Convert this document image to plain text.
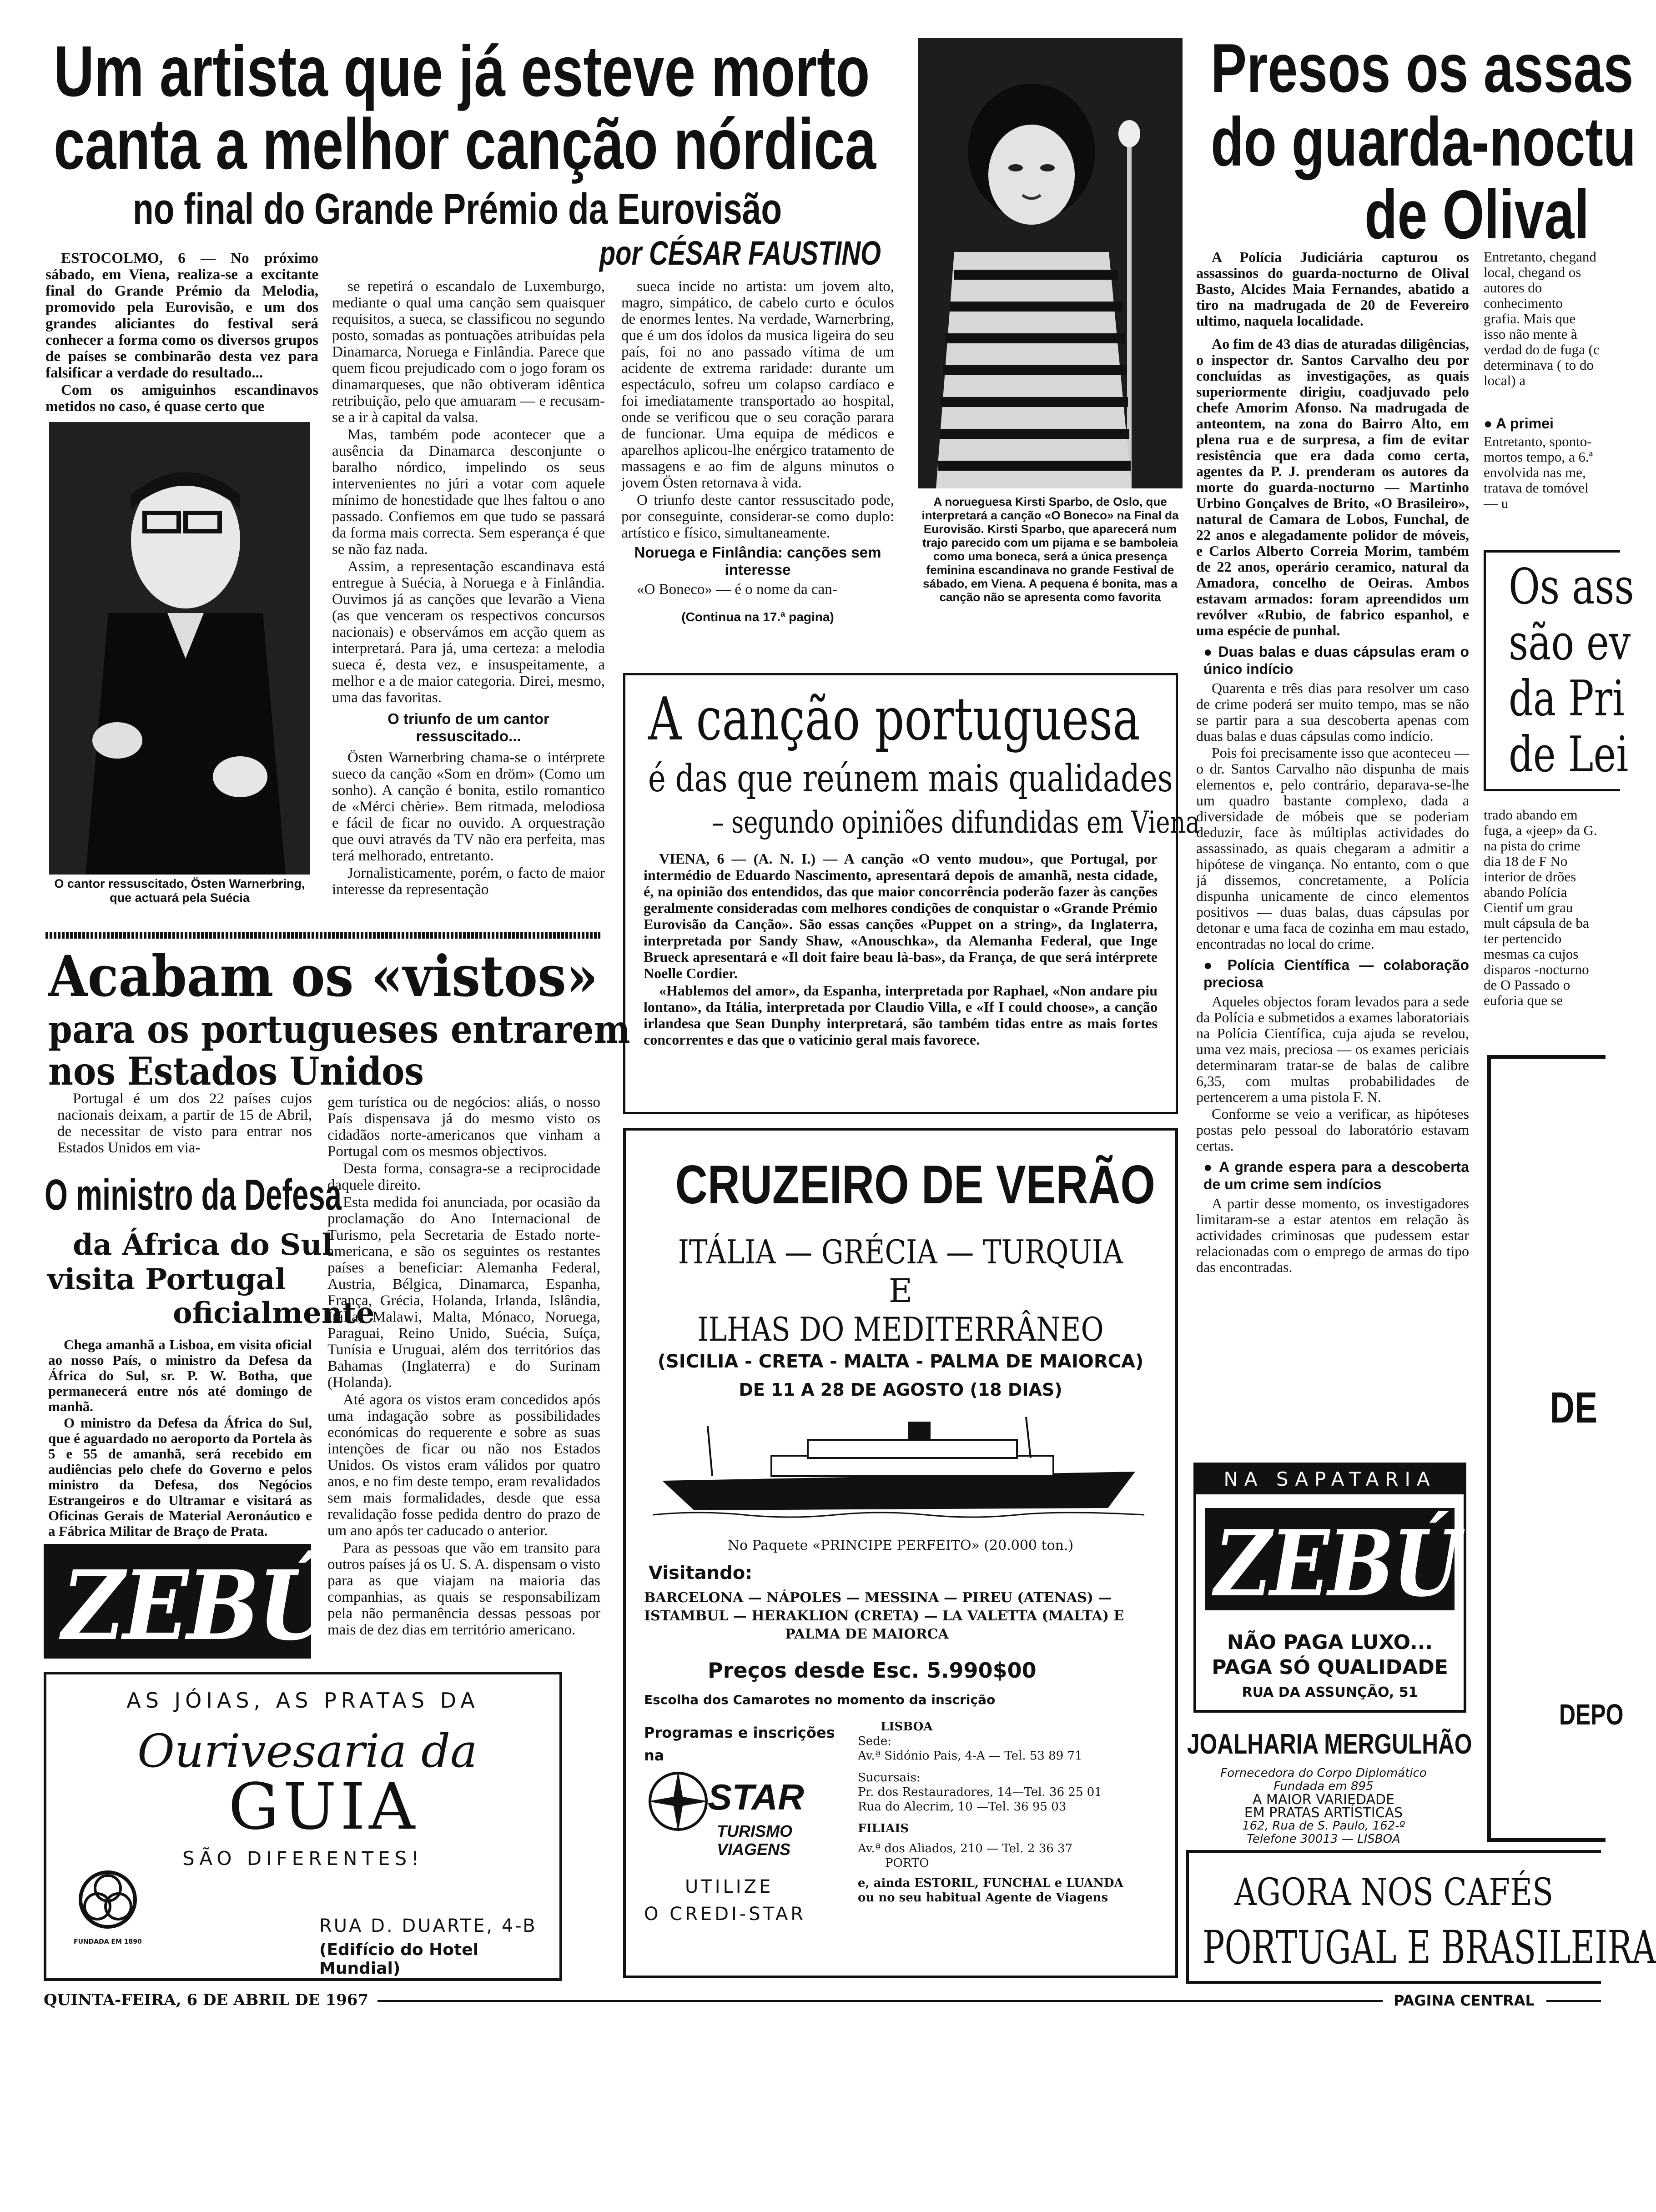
Um artista que já esteve morto
canta a melhor canção nórdica
no final do Grande Prémio da Eurovisão
por CÉSAR FAUSTINO

ESTOCOLMO, 6 — No próximo sábado, em Viena, realiza-se a excitante final do Grande Prémio da Melodia, promovido pela Eurovisão, e um dos grandes aliciantes do festival será conhecer a forma como os diversos grupos de países se combinarão desta vez para falsificar a verdade do resultado...

Com os amiguinhos escandinavos metidos no caso, é quase certo que

O cantor ressuscitado, Östen Warnerbring, que actuará pela Suécia

se repetirá o escandalo de Luxemburgo, mediante o qual uma canção sem quaisquer requisitos, a sueca, se classificou no segundo posto, somadas as pontuações atribuídas pela Dinamarca, Noruega e Finlândia. Parece que quem ficou prejudicado com o jogo foram os dinamarqueses, que não obtiveram idêntica retribuição, pelo que amuaram — e recusam-se a ir à capital da valsa.

Mas, também pode acontecer que a ausência da Dinamarca desconjunte o baralho nórdico, impelindo os seus intervenientes no júri a votar com aquele mínimo de honestidade que lhes faltou o ano passado. Confiemos em que tudo se passará da forma mais correcta. Sem esperança é que se não faz nada.

Assim, a representação escandinava está entregue à Suécia, à Noruega e à Finlândia. Ouvimos já as canções que levarão a Viena (as que venceram os respectivos concursos nacionais) e observámos em acção quem as interpretará. Para já, uma certeza: a melodia sueca é, desta vez, e insuspeitamente, a melhor e a de maior categoria. Direi, mesmo, uma das favoritas.

O triunfo de um cantor ressuscitado...

Östen Warnerbring chama-se o intérprete sueco da canção «Som en dröm» (Como um sonho). A canção é bonita, estilo romantico de «Mérci chèrie». Bem ritmada, melodiosa e fácil de ficar no ouvido. A orquestração que ouvi através da TV não era perfeita, mas terá melhorado, entretanto.

Jornalisticamente, porém, o facto de maior interesse da representação

sueca incide no artista: um jovem alto, magro, simpático, de cabelo curto e óculos de enormes lentes. Na verdade, Warnerbring, que é um dos ídolos da musica ligeira do seu país, foi no ano passado vítima de um acidente de extrema raridade: durante um espectáculo, sofreu um colapso cardíaco e foi imediatamente transportado ao hospital, onde se verificou que o seu coração parara de funcionar. Uma equipa de médicos e aparelhos aplicou-lhe enérgico tratamento de massagens e ao fim de alguns minutos o jovem Östen retornava à vida.

O triunfo deste cantor ressuscitado pode, por conseguinte, considerar-se como duplo: artístico e físico, simultaneamente.

Noruega e Finlândia: canções sem interesse

«O Boneco» — é o nome da can-

(Continua na 17.ª pagina)
A norueguesa Kirsti Sparbo, de Oslo, que interpretará a canção «O Boneco» na Final da Eurovisão. Kirsti Sparbo, que aparecerá num trajo parecido com um pijama e se bamboleia como uma boneca, será a única presença feminina escandinava no grande Festival de sábado, em Viena. A pequena é bonita, mas a canção não se apresenta como favorita
Acabam os «vistos»
para os portugueses entrarem
nos Estados Unidos

Portugal é um dos 22 países cujos nacionais deixam, a partir de 15 de Abril, de necessitar de visto para entrar nos Estados Unidos em via-

gem turística ou de negócios: aliás, o nosso País dispensava já do mesmo visto os cidadãos norte-americanos que vinham a Portugal com os mesmos objectivos.

Desta forma, consagra-se a reciprocidade daquele direito.

Esta medida foi anunciada, por ocasião da proclamação do Ano Internacional de Turismo, pela Secretaria de Estado norte-americana, e são os seguintes os restantes países a beneficiar: Alemanha Federal, Austria, Bélgica, Dinamarca, Espanha, França, Grécia, Holanda, Irlanda, Islândia, Itália, Malawi, Malta, Mónaco, Noruega, Paraguai, Reino Unido, Suécia, Suíça, Tunísia e Uruguai, além dos territórios das Bahamas (Inglaterra) e do Surinam (Holanda).

Até agora os vistos eram concedidos após uma indagação sobre as possibilidades económicas do requerente e sobre as suas intenções de ficar ou não nos Estados Unidos. Os vistos eram válidos por quatro anos, e no fim deste tempo, eram revalidados sem mais formalidades, desde que essa revalidação fosse pedida dentro do prazo de um ano após ter caducado o anterior.

Para as pessoas que vão em transito para outros países já os U. S. A. dispensam o visto para as que viajam na maioria das companhias, as quais se responsabilizam pela não permanência dessas pessoas por mais de dez dias em território americano.

O ministro da Defesa
da África do Sul
visita Portugal
oficialmente

Chega amanhã a Lisboa, em visita oficial ao nosso País, o ministro da Defesa da África do Sul, sr. P. W. Botha, que permanecerá entre nós até domingo de manhã.

O ministro da Defesa da África do Sul, que é aguardado no aeroporto da Portela às 5 e 55 de amanhã, será recebido em audiências pelo chefe do Governo e pelos ministro da Defesa, dos Negócios Estrangeiros e do Ultramar e visitará as Oficinas Gerais de Material Aeronáutico e a Fábrica Militar de Braço de Prata.

ZEBÚ
AS JÓIAS, AS PRATAS DA
Ourivesaria da
GUIA
SÃO DIFERENTES!
FUNDADA EM 1890
RUA D. DUARTE, 4-B
(Edifício do Hotel Mundial)
A canção portuguesa
é das que reúnem mais qualidades
– segundo opiniões difundidas em Viena

VIENA, 6 — (A. N. I.) — A canção «O vento mudou», que Portugal, por intermédio de Eduardo Nascimento, apresentará depois de amanhã, nesta cidade, é, na opinião dos entendidos, das que maior concorrência poderão fazer às canções geralmente consideradas com melhores condições de conquistar o «Grande Prémio Eurovisão da Canção». São essas canções «Puppet on a string», da Inglaterra, interpretada por Sandy Shaw, «Anouschka», da Alemanha Federal, que Inge Brueck apresentará e «Il doit faire beau là-bas», da França, de que será intérprete Noelle Cordier.

«Hablemos del amor», da Espanha, interpretada por Raphael, «Non andare piu lontano», da Itália, interpretada por Claudio Villa, e «If I could choose», a canção irlandesa que Sean Dunphy interpretará, são também tidas entre as mais fortes concorrentes e das que o vaticinio geral mais favorece.

CRUZEIRO DE VERÃO
ITÁLIA — GRÉCIA — TURQUIA
E
ILHAS DO MEDITERRÂNEO
(SICILIA - CRETA - MALTA - PALMA DE MAIORCA)
DE 11 A 28 DE AGOSTO (18 DIAS)
No Paquete «PRINCIPE PERFEITO» (20.000 ton.)
Visitando:
BARCELONA — NÁPOLES — MESSINA — PIREU (ATENAS) —
ISTAMBUL — HERAKLION (CRETA) — LA VALETTA (MALTA) E
PALMA DE MAIORCA
Preços desde Esc. 5.990$00
Escolha dos Camarotes no momento da inscrição
Programas e inscrições
na
STAR
TURISMO
VIAGENS
UTILIZE
O CREDI-STAR
LISBOA
Sede:
Av.ª Sidónio Pais, 4-A — Tel. 53 89 71
Sucursais:
Pr. dos Restauradores, 14—Tel. 36 25 01
Rua do Alecrim, 10 —Tel. 36 95 03
FILIAIS
Av.ª dos Aliados, 210 — Tel. 2 36 37
PORTO
e, ainda ESTORIL, FUNCHAL e LUANDA
ou no seu habitual Agente de Viagens
Presos os assas
do guarda-noctu
de Olival

A Polícia Judiciária capturou os assassinos do guarda-nocturno de Olival Basto, Alcides Maia Fernandes, abatido a tiro na madrugada de 20 de Fevereiro ultimo, naquela localidade.

Ao fim de 43 dias de aturadas diligências, o inspector dr. Santos Carvalho deu por concluídas as investigações, as quais superiormente dirigiu, coadjuvado pelo chefe Amorim Afonso. Na madrugada de anteontem, na zona do Bairro Alto, em plena rua e de surpresa, a fim de evitar resistência que era dada como certa, agentes da P. J. prenderam os autores da morte do guarda-nocturno — Martinho Urbino Gonçalves de Brito, «O Brasileiro», natural de Camara de Lobos, Funchal, de 22 anos e alegadamente polidor de móveis, e Carlos Alberto Correia Morim, também de 22 anos, operário ceramico, natural da Amadora, concelho de Oeiras. Ambos estavam armados: foram apreendidos um revólver «Rubio, de fabrico espanhol, e uma espécie de punhal.

● Duas balas e duas cápsulas eram o único indício

Quarenta e três dias para resolver um caso de crime poderá ser muito tempo, mas se não se partir para a sua descoberta apenas com duas balas e duas cápsulas como indício.

Pois foi precisamente isso que aconteceu — o dr. Santos Carvalho não dispunha de mais elementos e, pelo contrário, deparava-se-lhe um quadro bastante complexo, dada a diversidade de móbeis que se poderiam deduzir, face às múltiplas actividades do assassinado, as quais chegaram a admitir a hipótese de vingança. No entanto, com o que já dissemos, concretamente, a Polícia dispunha unicamente de cinco elementos positivos — duas balas, duas cápsulas por detonar e uma faca de cozinha em mau estado, encontradas no local do crime.

● Polícia Científica — colaboração preciosa

Aqueles objectos foram levados para a sede da Polícia e submetidos a exames laboratoriais na Polícia Científica, cuja ajuda se revelou, uma vez mais, preciosa — os exames periciais determinaram tratar-se de balas de calibre 6,35, com multas probabilidades de pertencerem a uma pistola F. N.

Conforme se veio a verificar, as hipóteses postas pelo pessoal do laboratório estavam certas.

● A grande espera para a descoberta de um crime sem indícios

A partir desse momento, os investigadores limitaram-se a estar atentos em relação às actividades criminosas que pudessem estar relacionadas com o emprego de armas do tipo das encontradas.

Entretanto, chegand local, chegand os autores do conhecimento grafia. Mais que isso não mente à verdad do de fuga (c determinava ( to do local) a
● A primei
Entretanto, sponto-mortos tempo, a 6.ª envolvida nas me, tratava de tomóvel — u
Os ass
são ev
da Pri
de Lei
trado abando em fuga, a «jeep» da G. na pista do crime dia 18 de F No interior de drões abando Polícia Cientif um grau mult cápsula de ba ter pertencido mesmas ca cujos disparos -nocturno de O Passado o euforia que se
DE
DEPO
NA SAPATARIA
ZEBÚ
NÃO PAGA LUXO...
PAGA SÓ QUALIDADE
RUA DA ASSUNÇÃO, 51
JOALHARIA MERGULHÃO
Fornecedora do Corpo Diplomático
Fundada em 895
A MAIOR VARIEDADE
EM PRATAS ARTÍSTICAS
162, Rua de S. Paulo, 162-º
Telefone 30013 — LISBOA
AGORA NOS CAFÉS
PORTUGAL E BRASILEIRA
QUINTA-FEIRA, 6 DE ABRIL DE 1967	PAGINA CENTRAL
